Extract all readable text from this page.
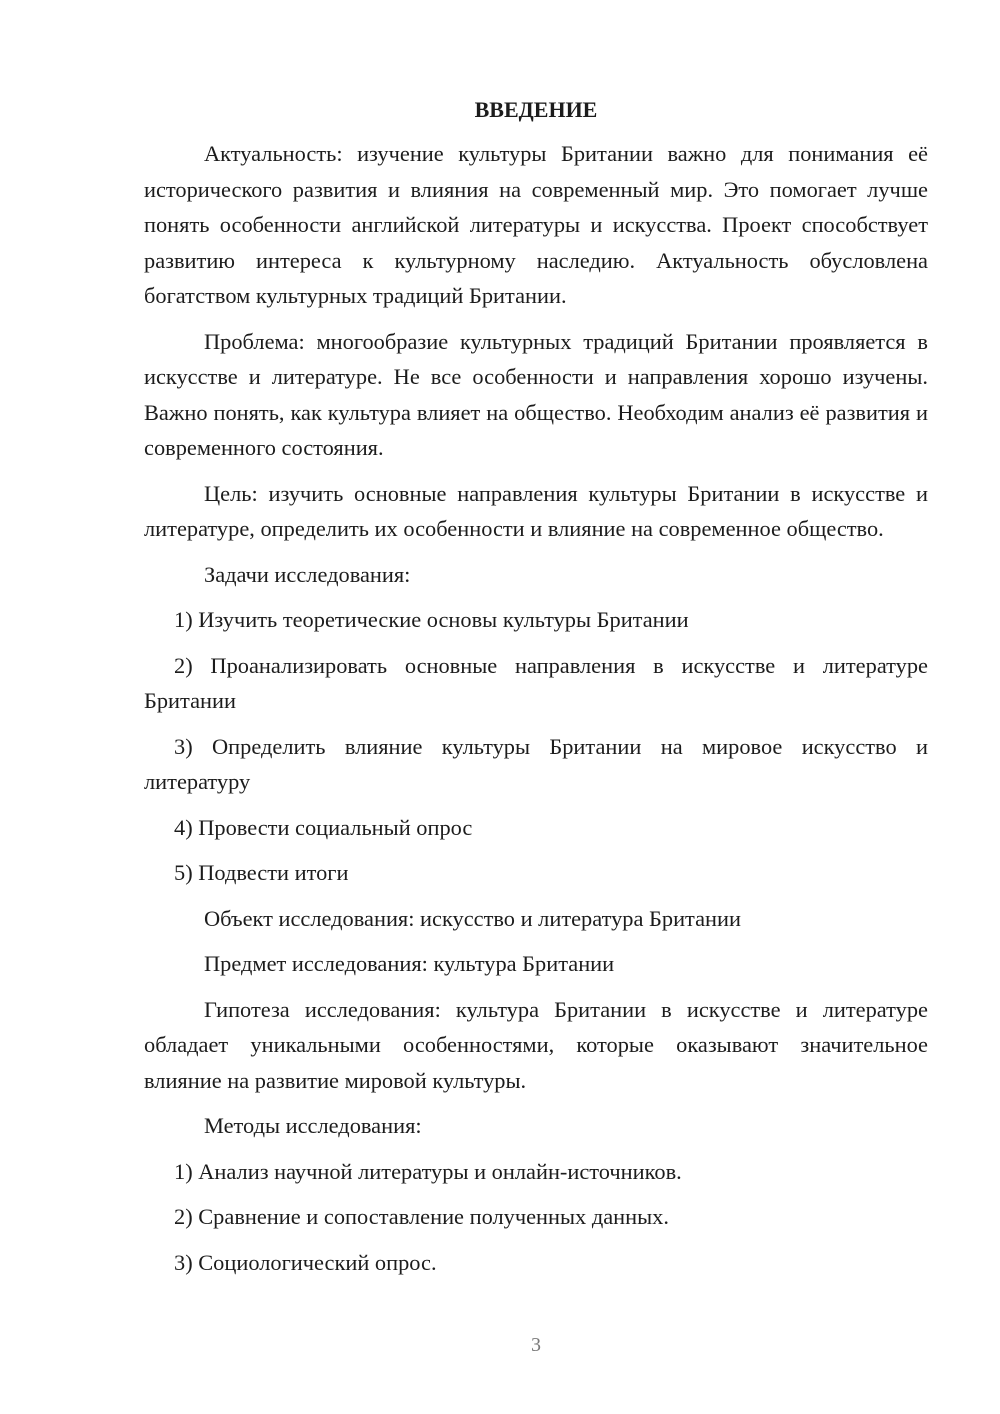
ВВЕДЕНИЕ
Актуальность: изучение культуры Британии важно для понимания её исторического развития и влияния на современный мир. Это помогает лучше понять особенности английской литературы и искусства. Проект способствует развитию интереса к культурному наследию. Актуальность обусловлена богатством культурных традиций Британии.
Проблема: многообразие культурных традиций Британии проявляется в искусстве и литературе. Не все особенности и направления хорошо изучены. Важно понять, как культура влияет на общество. Необходим анализ её развития и современного состояния.
Цель: изучить основные направления культуры Британии в искусстве и литературе, определить их особенности и влияние на современное общество.
Задачи исследования:
1) Изучить теоретические основы культуры Британии
2) Проанализировать основные направления в искусстве и литературе Британии
3) Определить влияние культуры Британии на мировое искусство и литературу
4) Провести социальный опрос
5) Подвести итоги
Объект исследования: искусство и литература Британии
Предмет исследования: культура Британии
Гипотеза исследования: культура Британии в искусстве и литературе обладает уникальными особенностями, которые оказывают значительное влияние на развитие мировой культуры.
Методы исследования:
1) Анализ научной литературы и онлайн-источников.
2) Сравнение и сопоставление полученных данных.
3) Социологический опрос.
3
